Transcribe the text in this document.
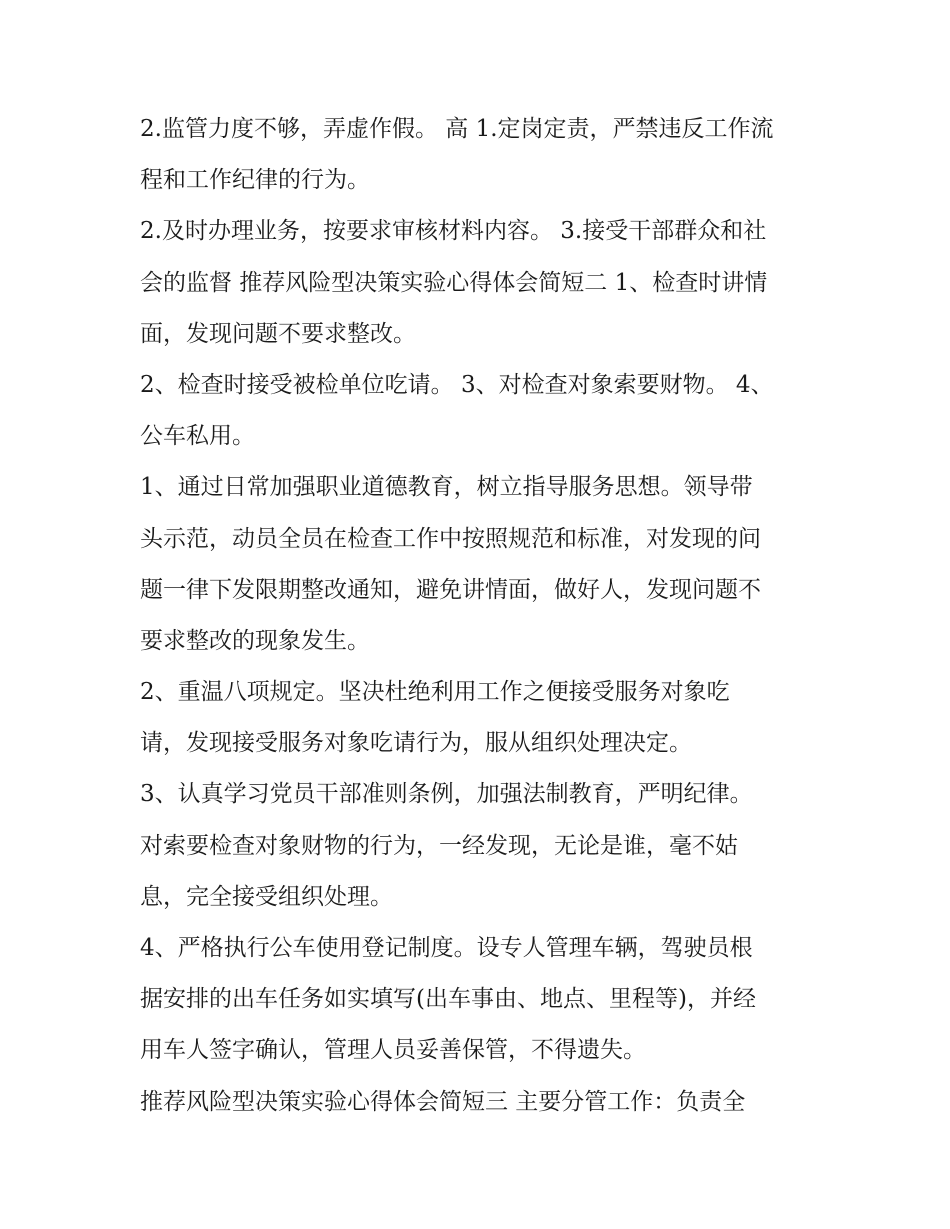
2.监管力度不够，弄虚作假。 高 1.定岗定责，严禁违反工作流
程和工作纪律的行为。
2.及时办理业务，按要求审核材料内容。 3.接受干部群众和社
会的监督 推荐风险型决策实验心得体会简短二 1、检查时讲情
面，发现问题不要求整改。
2、检查时接受被检单位吃请。 3、对检查对象索要财物。 4、
公车私用。
1、通过日常加强职业道德教育，树立指导服务思想。领导带
头示范，动员全员在检查工作中按照规范和标准，对发现的问
题一律下发限期整改通知，避免讲情面，做好人，发现问题不
要求整改的现象发生。
2、重温八项规定。坚决杜绝利用工作之便接受服务对象吃
请，发现接受服务对象吃请行为，服从组织处理决定。
3、认真学习党员干部准则条例，加强法制教育，严明纪律。
对索要检查对象财物的行为，一经发现，无论是谁，毫不姑
息，完全接受组织处理。
4、严格执行公车使用登记制度。设专人管理车辆，驾驶员根
据安排的出车任务如实填写(出车事由、地点、里程等)，并经
用车人签字确认，管理人员妥善保管，不得遗失。
推荐风险型决策实验心得体会简短三 主要分管工作：负责全
